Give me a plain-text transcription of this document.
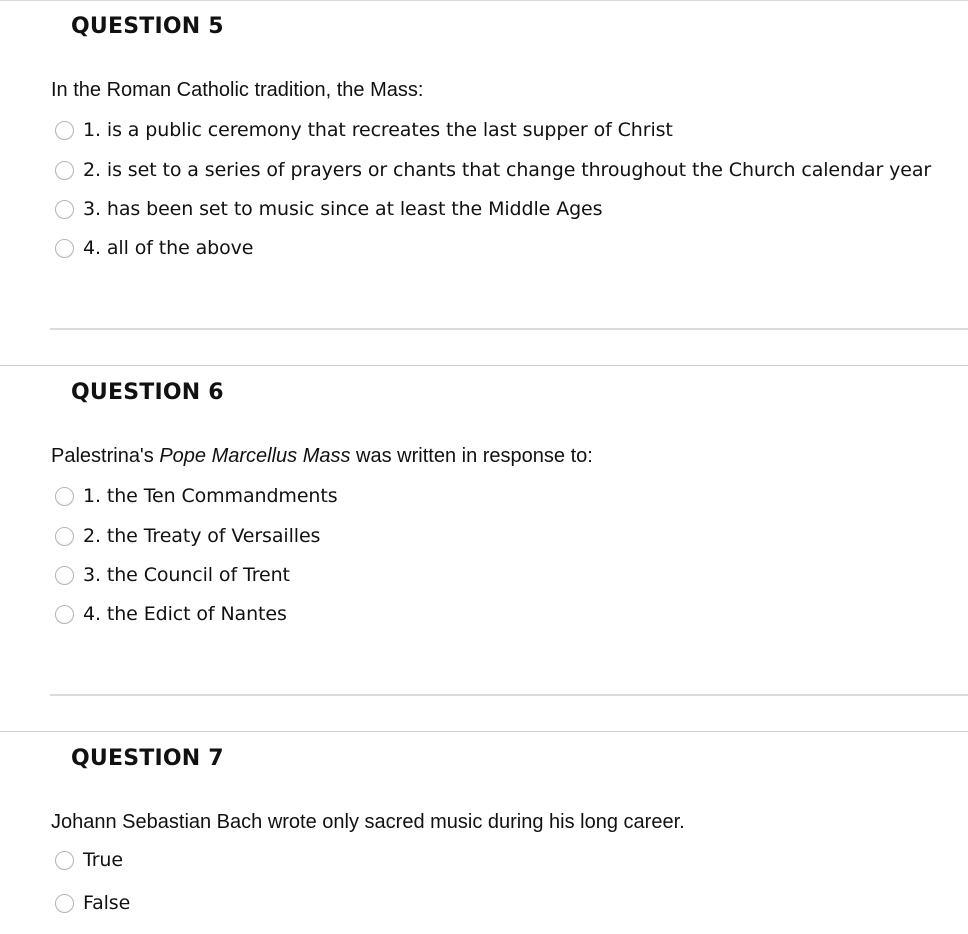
QUESTION 5

In the Roman Catholic tradition, the Mass:

1. is a public ceremony that recreates the last supper of Christ
2. is set to a series of prayers or chants that change throughout the Church calendar year
3. has been set to music since at least the Middle Ages
4. all of the above
QUESTION 6

Palestrina's Pope Marcellus Mass was written in response to:

1. the Ten Commandments
2. the Treaty of Versailles
3. the Council of Trent
4. the Edict of Nantes
QUESTION 7

Johann Sebastian Bach wrote only sacred music during his long career.

True
False
